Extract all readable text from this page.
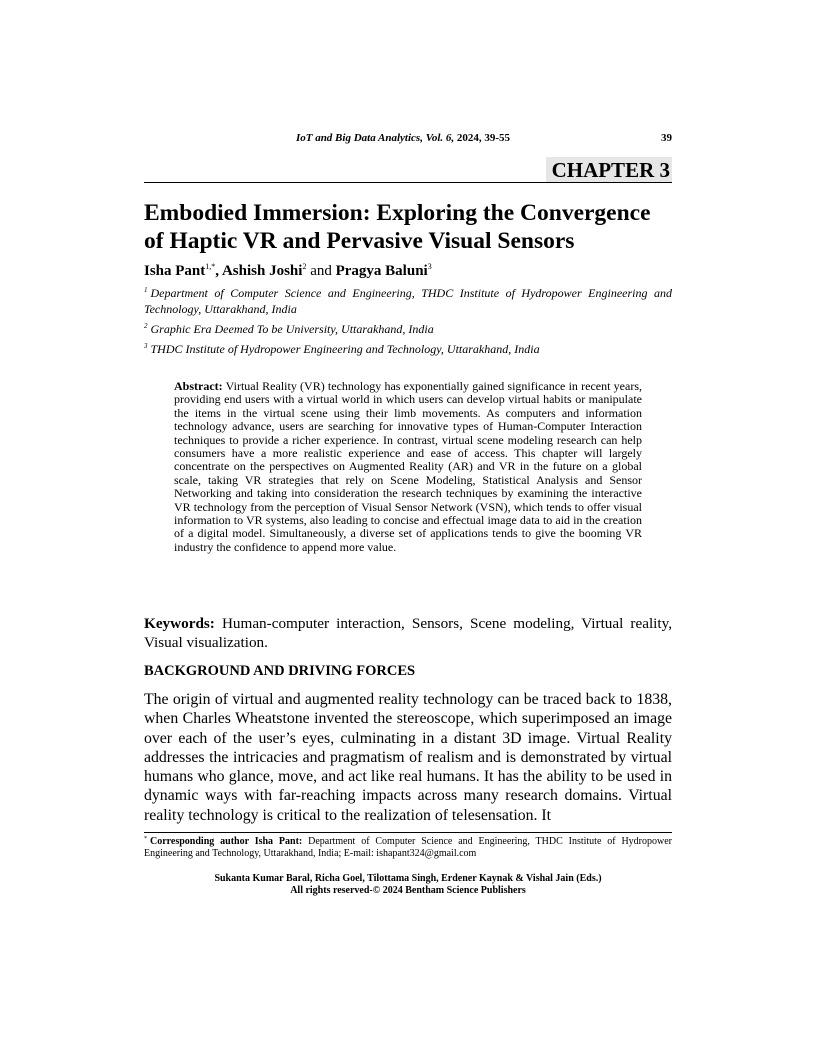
IoT and Big Data Analytics, Vol. 6, 2024, 39-55	39
CHAPTER 3
Embodied Immersion: Exploring the Convergence of Haptic VR and Pervasive Visual Sensors
Isha Pant$^{1,*}$, Ashish Joshi$^2$ and Pragya Baluni$^3$

$^1$ Department of Computer Science and Engineering, THDC Institute of Hydropower Engineering and Technology, Uttarakhand, India

$^2$ Graphic Era Deemed To be University, Uttarakhand, India

$^3$ THDC Institute of Hydropower Engineering and Technology, Uttarakhand, India

Abstract: Virtual Reality (VR) technology has exponentially gained significance in recent years, providing end users with a virtual world in which users can develop virtual habits or manipulate the items in the virtual scene using their limb movements. As computers and information technology advance, users are searching for innovative types of Human-Computer Interaction techniques to provide a richer experience. In contrast, virtual scene modeling research can help consumers have a more realistic experience and ease of access. This chapter will largely concentrate on the perspectives on Augmented Reality (AR) and VR in the future on a global scale, taking VR strategies that rely on Scene Modeling, Statistical Analysis and Sensor Networking and taking into consideration the research techniques by examining the interactive VR technology from the perception of Visual Sensor Network (VSN), which tends to offer visual information to VR systems, also leading to concise and effectual image data to aid in the creation of a digital model. Simultaneously, a diverse set of applications tends to give the booming VR industry the confidence to append more value.
Keywords: Human-computer interaction, Sensors, Scene modeling, Virtual reality, Visual visualization.
BACKGROUND AND DRIVING FORCES
The origin of virtual and augmented reality technology can be traced back to 1838, when Charles Wheatstone invented the stereoscope, which superimposed an image over each of the user’s eyes, culminating in a distant 3D image. Virtual Reality addresses the intricacies and pragmatism of realism and is demonstrated by virtual humans who glance, move, and act like real humans. It has the ability to be used in dynamic ways with far-reaching impacts across many research domains. Virtual reality technology is critical to the realization of telesensation. It
* Corresponding author Isha Pant: Department of Computer Science and Engineering, THDC Institute of Hydropower Engineering and Technology, Uttarakhand, India; E-mail: ishapant324@gmail.com
Sukanta Kumar Baral, Richa Goel, Tilottama Singh, Erdener Kaynak & Vishal Jain (Eds.)
All rights reserved-© 2024 Bentham Science Publishers
